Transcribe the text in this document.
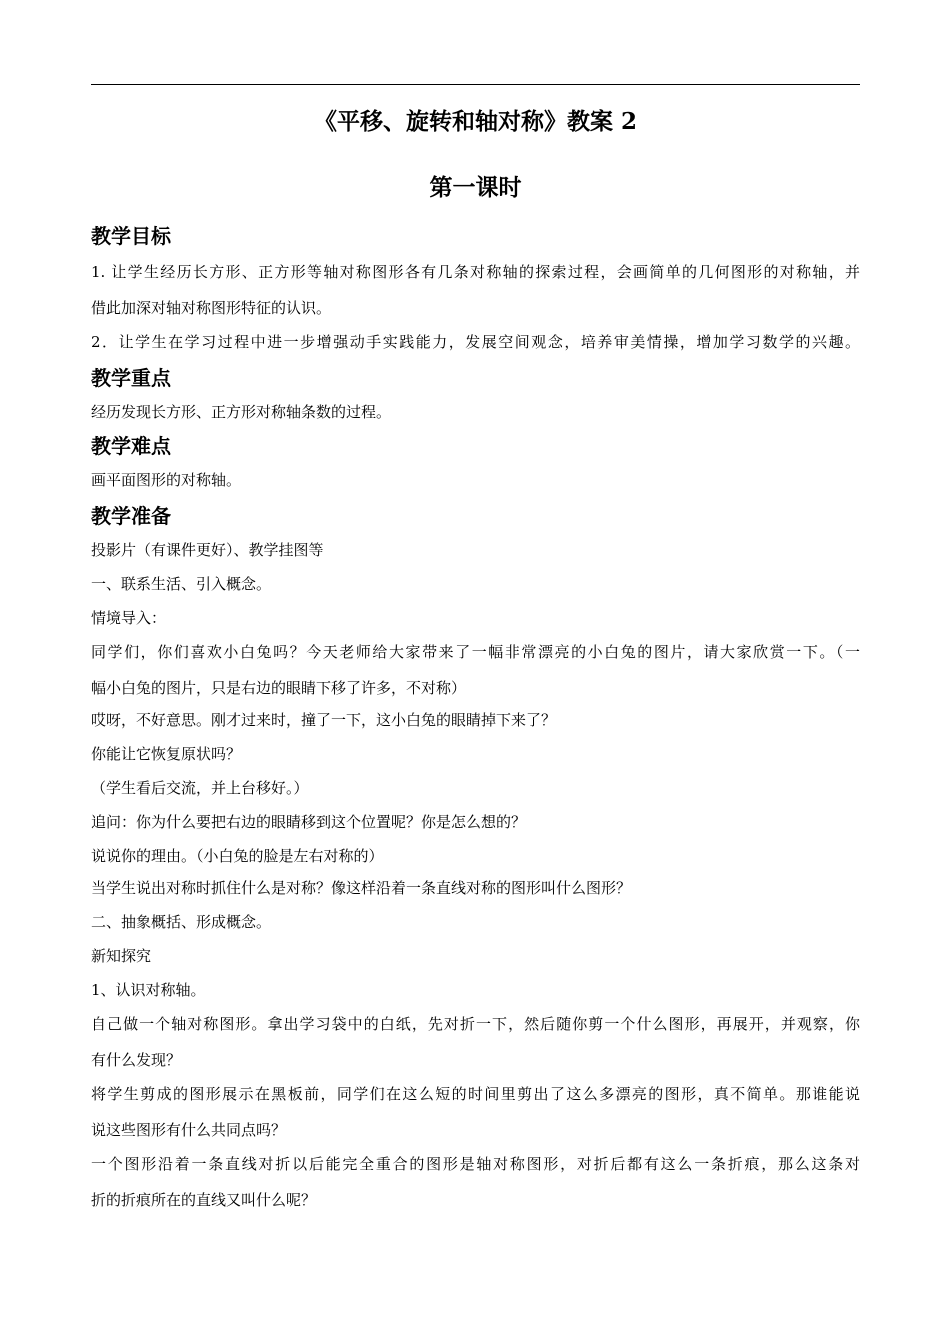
《平移、旋转和轴对称》教案 2
第一课时
教学目标
1. 让学生经历长方形、正方形等轴对称图形各有几条对称轴的探索过程，会画简单的几何图形的对称轴，并
借此加深对轴对称图形特征的认识。
2．让学生在学习过程中进一步增强动手实践能力，发展空间观念，培养审美情操，增加学习数学的兴趣。
教学重点
经历发现长方形、正方形对称轴条数的过程。
教学难点
画平面图形的对称轴。
教学准备
投影片（有课件更好）、教学挂图等
一、联系生活、引入概念。
情境导入：
同学们，你们喜欢小白兔吗？今天老师给大家带来了一幅非常漂亮的小白兔的图片，请大家欣赏一下。（一
幅小白兔的图片，只是右边的眼睛下移了许多，不对称）
哎呀，不好意思。刚才过来时，撞了一下，这小白兔的眼睛掉下来了？
你能让它恢复原状吗？
（学生看后交流，并上台移好。）
追问：你为什么要把右边的眼睛移到这个位置呢？你是怎么想的？
说说你的理由。（小白兔的脸是左右对称的）
当学生说出对称时抓住什么是对称？像这样沿着一条直线对称的图形叫什么图形？
二、抽象概括、形成概念。
新知探究
1、认识对称轴。
自己做一个轴对称图形。拿出学习袋中的白纸，先对折一下，然后随你剪一个什么图形，再展开，并观察，你
有什么发现？
将学生剪成的图形展示在黑板前，同学们在这么短的时间里剪出了这么多漂亮的图形，真不简单。那谁能说
说这些图形有什么共同点吗？
一个图形沿着一条直线对折以后能完全重合的图形是轴对称图形，对折后都有这么一条折痕，那么这条对
折的折痕所在的直线又叫什么呢？
